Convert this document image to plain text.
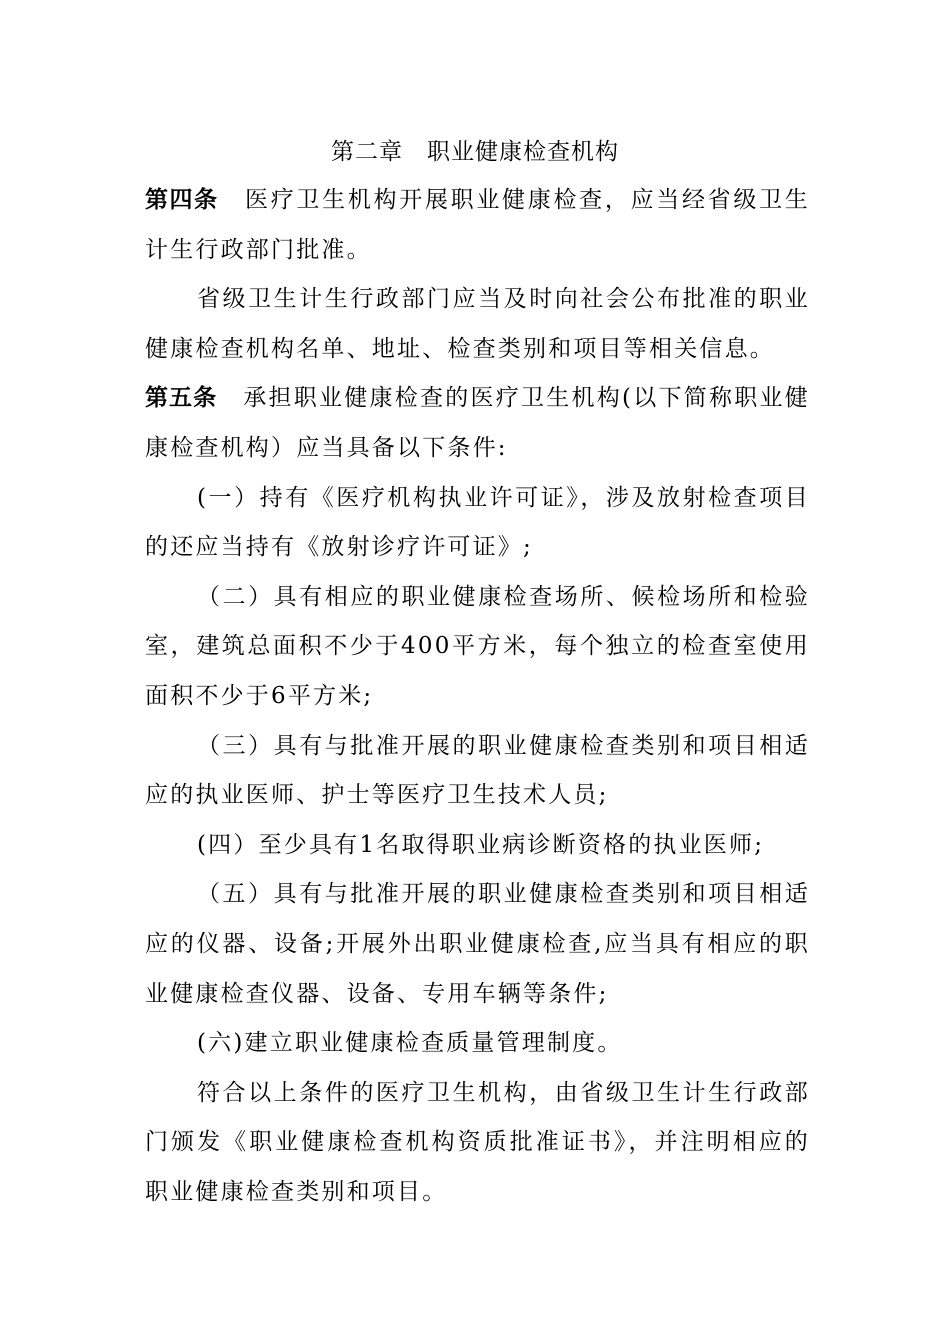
第二章　职业健康检查机构

第四条 医疗卫生机构开展职业健康检查，应当经省级卫生计生行政部门批准。

省级卫生计生行政部门应当及时向社会公布批准的职业健康检查机构名单、地址、检查类别和项目等相关信息。

第五条 承担职业健康检查的医疗卫生机构(以下简称职业健康检查机构）应当具备以下条件:

(一）持有《医疗机构执业许可证》，涉及放射检查项目的还应当持有《放射诊疗许可证》;

（二）具有相应的职业健康检查场所、候检场所和检验室，建筑总面积不少于400平方米，每个独立的检查室使用面积不少于6平方米;

（三）具有与批准开展的职业健康检查类别和项目相适应的执业医师、护士等医疗卫生技术人员;

(四）至少具有1名取得职业病诊断资格的执业医师;

（五）具有与批准开展的职业健康检查类别和项目相适应的仪器、设备;开展外出职业健康检查,应当具有相应的职业健康检查仪器、设备、专用车辆等条件;

(六)建立职业健康检查质量管理制度。

符合以上条件的医疗卫生机构，由省级卫生计生行政部门颁发《职业健康检查机构资质批准证书》，并注明相应的职业健康检查类别和项目。
